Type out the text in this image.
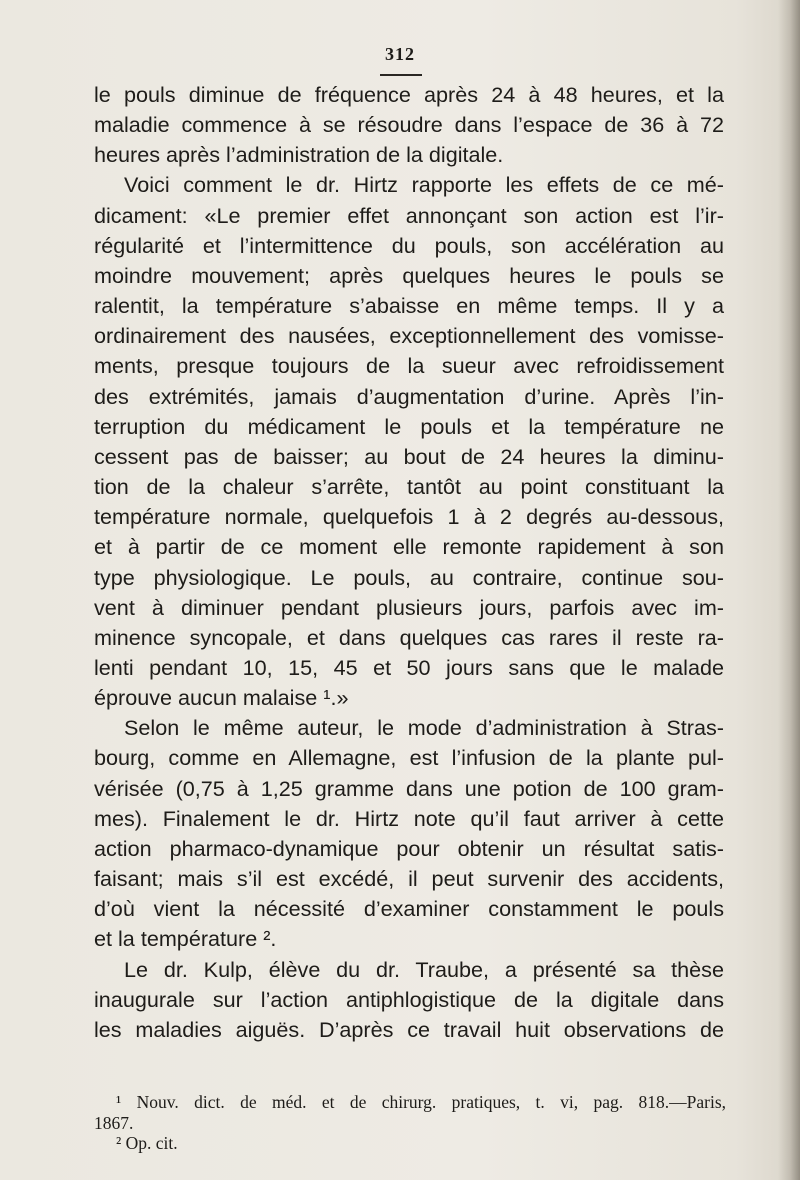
312
le pouls diminue de fréquence après 24 à 48 heures, et la
maladie commence à se résoudre dans l’espace de 36 à 72
heures après l’administration de la digitale.
Voici comment le dr. Hirtz rapporte les effets de ce mé-
dicament: «Le premier effet annonçant son action est l’ir-
régularité et l’intermittence du pouls, son accélération au
moindre mouvement; après quelques heures le pouls se
ralentit, la température s’abaisse en même temps. Il y a
ordinairement des nausées, exceptionnellement des vomisse-
ments, presque toujours de la sueur avec refroidissement
des extrémités, jamais d’augmentation d’urine. Après l’in-
terruption du médicament le pouls et la température ne
cessent pas de baisser; au bout de 24 heures la diminu-
tion de la chaleur s’arrête, tantôt au point constituant la
température normale, quelquefois 1 à 2 degrés au-dessous,
et à partir de ce moment elle remonte rapidement à son
type physiologique. Le pouls, au contraire, continue sou-
vent à diminuer pendant plusieurs jours, parfois avec im-
minence syncopale, et dans quelques cas rares il reste ra-
lenti pendant 10, 15, 45 et 50 jours sans que le malade
éprouve aucun malaise ¹.»
Selon le même auteur, le mode d’administration à Stras-
bourg, comme en Allemagne, est l’infusion de la plante pul-
vérisée (0,75 à 1,25 gramme dans une potion de 100 gram-
mes). Finalement le dr. Hirtz note qu’il faut arriver à cette
action pharmaco-dynamique pour obtenir un résultat satis-
faisant; mais s’il est excédé, il peut survenir des accidents,
d’où vient la nécessité d’examiner constamment le pouls
et la température ².
Le dr. Kulp, élève du dr. Traube, a présenté sa thèse
inaugurale sur l’action antiphlogistique de la digitale dans
les maladies aiguës. D’après ce travail huit observations de
¹ Nouv. dict. de méd. et de chirurg. pratiques, t. vi, pag. 818.—Paris,
1867.
² Op. cit.
